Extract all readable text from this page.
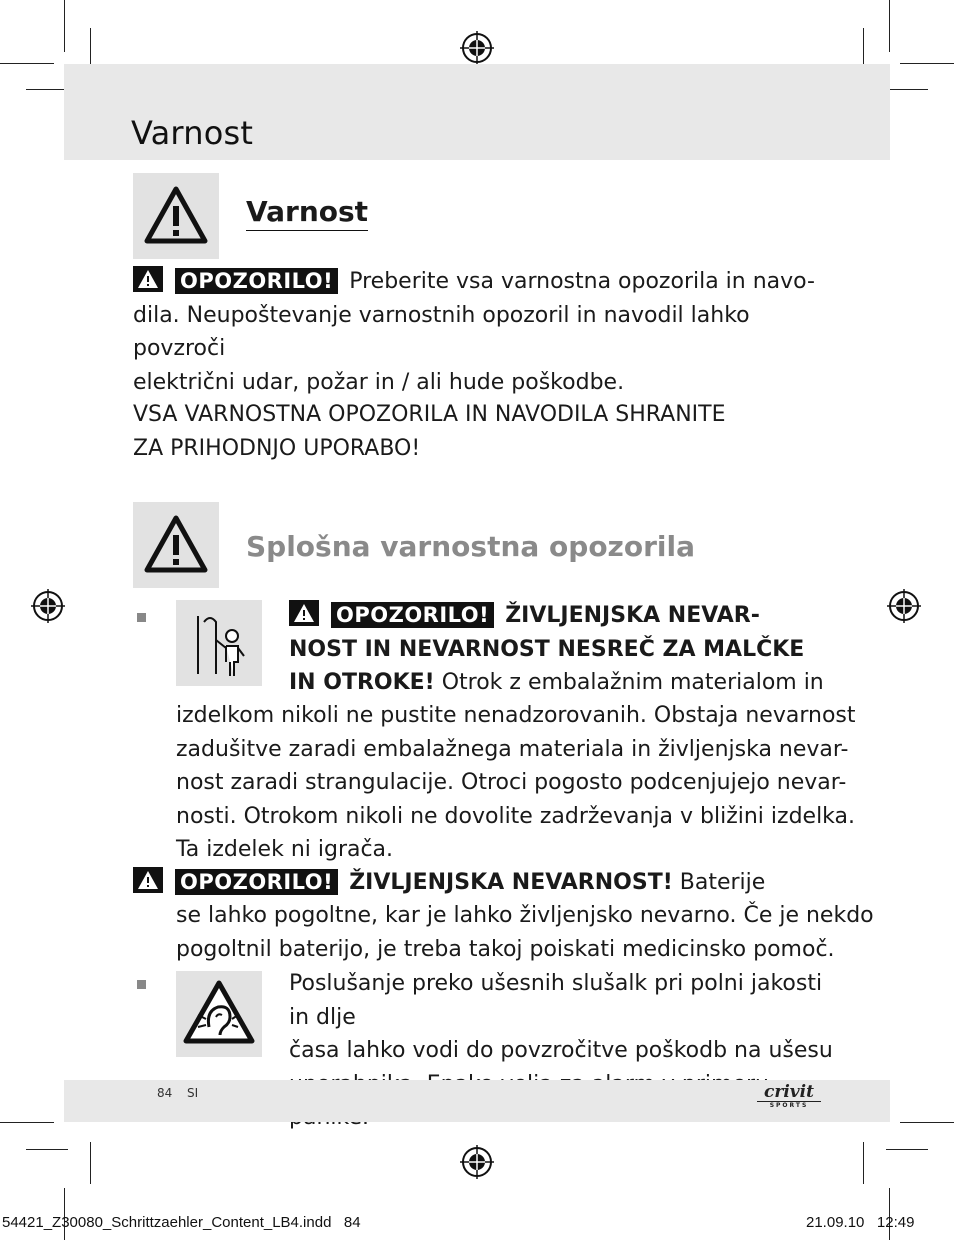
Varnost
Varnost
OPOZORILO! Preberite vsa varnostna opozorila in navo-
dila. Neupoštevanje varnostnih opozoril in navodil lahko povzroči
električni udar, požar in / ali hude poškodbe.
VSA VARNOSTNA OPOZORILA IN NAVODILA SHRANITE
ZA PRIHODNJO UPORABO!
Splošna varnostna opozorila
OPOZORILO! ŽIVLJENJSKA NEVAR-
NOST IN NEVARNOST NESREČ ZA MALČKE
IN OTROKE! Otrok z embalažnim materialom in
izdelkom nikoli ne pustite nenadzorovanih. Obstaja nevarnost
zadušitve zaradi embalažnega materiala in življenjska nevar-
nost zaradi strangulacije. Otroci pogosto podcenjujejo nevar-
nosti. Otrokom nikoli ne dovolite zadrževanja v bližini izdelka.
Ta izdelek ni igrača.
OPOZORILO! ŽIVLJENJSKA NEVARNOST! Baterije
se lahko pogoltne, kar je lahko življenjsko nevarno. Če je nekdo
pogoltnil baterijo, je treba takoj poiskati medicinsko pomoč.
Poslušanje preko ušesnih slušalk pri polni jakosti in dlje
časa lahko vodi do povzročitve poškodb na ušesu
84 SI	crivit
SPORTS
54421_Z30080_Schrittzaehler_Content_LB4.indd   84	21.09.10   12:49
